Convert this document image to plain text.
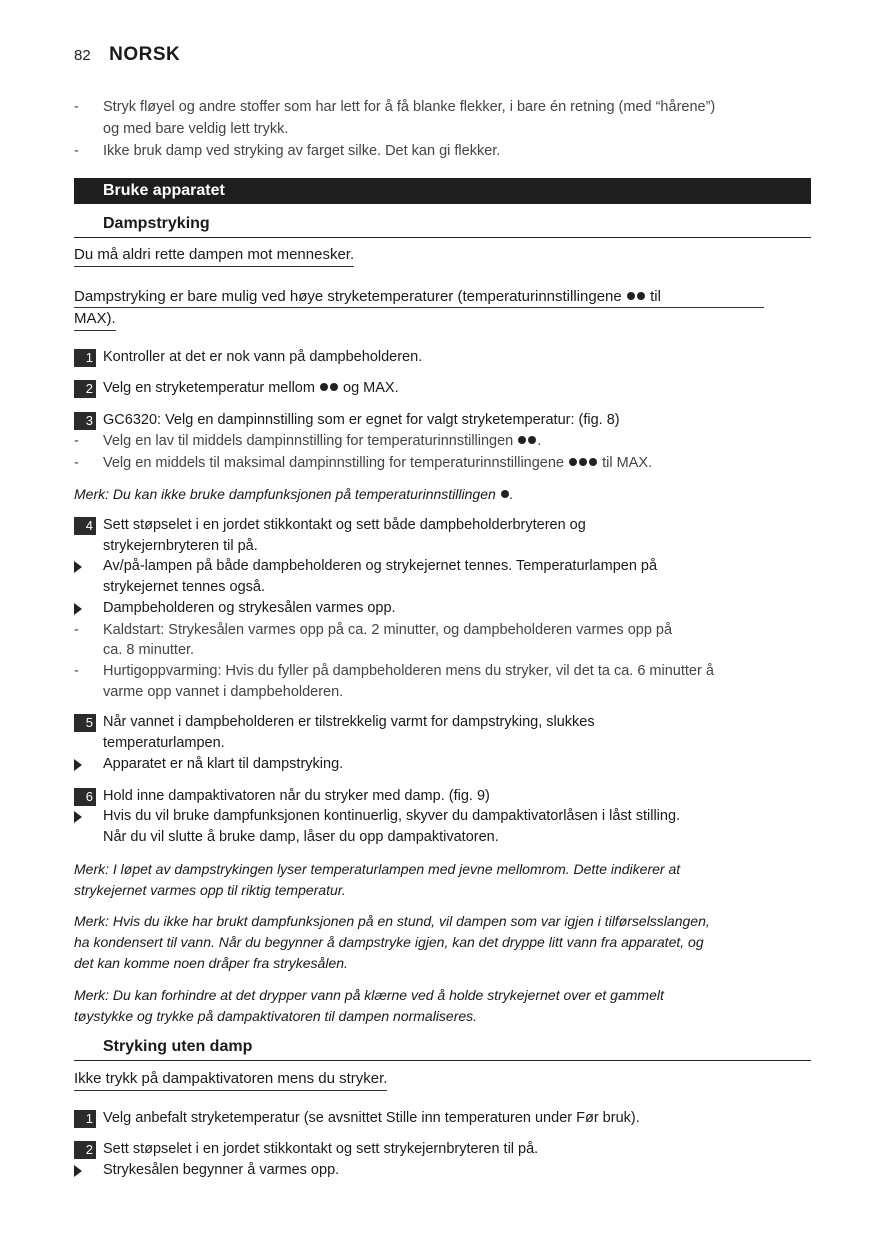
82 NORSK
- Stryk fløyel og andre stoffer som har lett for å få blanke flekker, i bare én retning (med “hårene”)
og med bare veldig lett trykk.
- Ikke bruk damp ved stryking av farget silke. Det kan gi flekker.
Bruke apparatet
Dampstryking
Du må aldri rette dampen mot mennesker.
Dampstryking er bare mulig ved høye stryketemperaturer (temperaturinnstillingene til
MAX).
1 Kontroller at det er nok vann på dampbeholderen.
2 Velg en stryketemperatur mellom og MAX.
3 GC6320: Velg en dampinnstilling som er egnet for valgt stryketemperatur: (fig. 8)
- Velg en lav til middels dampinnstilling for temperaturinnstillingen .
- Velg en middels til maksimal dampinnstilling for temperaturinnstillingene	til MAX.
Merk: Du kan ikke bruke dampfunksjonen på temperaturinnstillingen .
4 Sett støpselet i en jordet stikkontakt og sett både dampbeholderbryteren og
strykejernbryteren til på.
Av/på-lampen på både dampbeholderen og strykejernet tennes. Temperaturlampen på
strykejernet tennes også.
Dampbeholderen og strykesålen varmes opp.
- Kaldstart: Strykesålen varmes opp på ca. 2 minutter, og dampbeholderen varmes opp på
ca. 8 minutter.
- Hurtigoppvarming: Hvis du fyller på dampbeholderen mens du stryker, vil det ta ca. 6 minutter å
varme opp vannet i dampbeholderen.
5 Når vannet i dampbeholderen er tilstrekkelig varmt for dampstryking, slukkes
temperaturlampen.
Apparatet er nå klart til dampstryking.
6 Hold inne dampaktivatoren når du stryker med damp. (fig. 9)
Hvis du vil bruke dampfunksjonen kontinuerlig, skyver du dampaktivatorlåsen i låst stilling.
Når du vil slutte å bruke damp, låser du opp dampaktivatoren.
Merk: I løpet av dampstrykingen lyser temperaturlampen med jevne mellomrom. Dette indikerer at
strykejernet varmes opp til riktig temperatur.
Merk: Hvis du ikke har brukt dampfunksjonen på en stund, vil dampen som var igjen i tilførselsslangen,
ha kondensert til vann. Når du begynner å dampstryke igjen, kan det dryppe litt vann fra apparatet, og
det kan komme noen dråper fra strykesålen.
Merk: Du kan forhindre at det drypper vann på klærne ved å holde strykejernet over et gammelt
tøystykke og trykke på dampaktivatoren til dampen normaliseres.
Stryking uten damp
Ikke trykk på dampaktivatoren mens du stryker.
1 Velg anbefalt stryketemperatur (se avsnittet Stille inn temperaturen under Før bruk).
2 Sett støpselet i en jordet stikkontakt og sett strykejernbryteren til på.
Strykesålen begynner å varmes opp.
